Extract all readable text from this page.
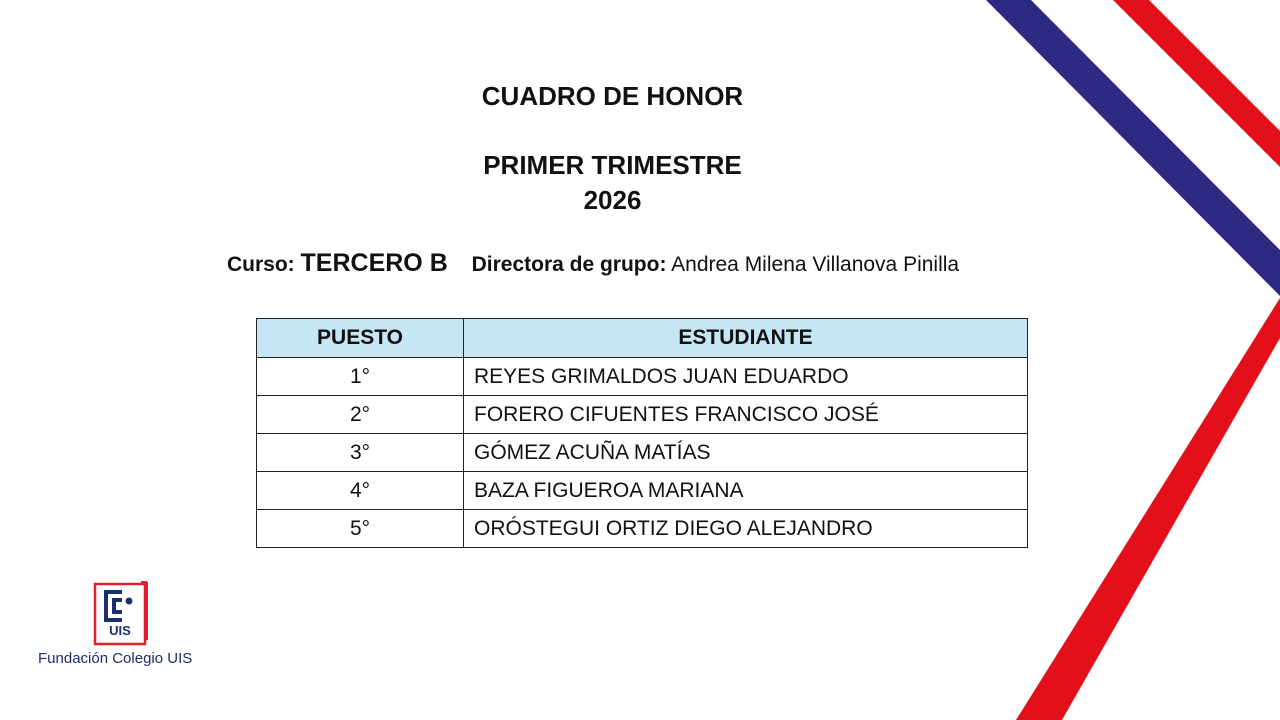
CUADRO DE HONOR
PRIMER TRIMESTRE
2026
Curso: TERCERO B Directora de grupo: Andrea Milena Villanova Pinilla
PUESTO	ESTUDIANTE
1°	REYES GRIMALDOS JUAN EDUARDO
2°	FORERO CIFUENTES FRANCISCO JOSÉ
3°	GÓMEZ ACUÑA MATÍAS
4°	BAZA FIGUEROA MARIANA
5°	ORÓSTEGUI ORTIZ DIEGO ALEJANDRO
UIS
Fundación Colegio UIS
